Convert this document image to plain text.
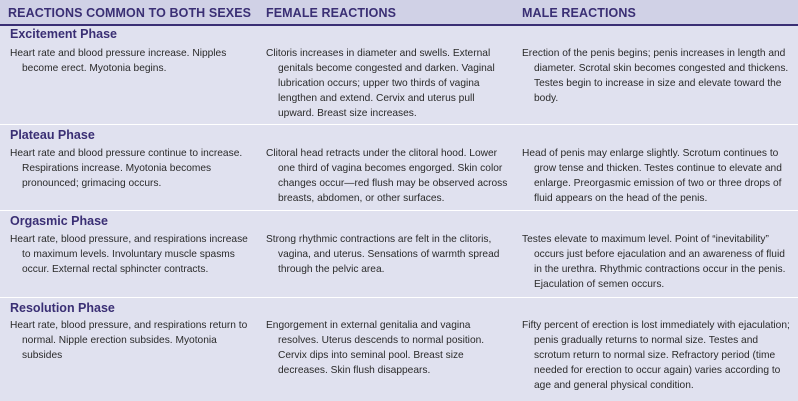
REACTIONS COMMON TO BOTH SEXES FEMALE REACTIONS	MALE REACTIONS
Excitement Phase
Heart rate and blood pressure increase. Nipples become erect. Myotonia begins.
Clitoris increases in diameter and swells. External genitals become congested and darken. Vaginal lubrication occurs; upper two thirds of vagina lengthen and extend. Cervix and uterus pull upward. Breast size increases.
Erection of the penis begins; penis increases in length and diameter. Scrotal skin becomes congested and thickens. Testes begin to increase in size and elevate toward the body.
Plateau Phase
Heart rate and blood pressure continue to increase. Respirations increase. Myotonia becomes pronounced; grimacing occurs.
Clitoral head retracts under the clitoral hood. Lower one third of vagina becomes engorged. Skin color changes occur—red flush may be observed across breasts, abdomen, or other surfaces.
Head of penis may enlarge slightly. Scrotum continues to grow tense and thicken. Testes continue to elevate and enlarge. Preorgasmic emission of two or three drops of fluid appears on the head of the penis.
Orgasmic Phase
Heart rate, blood pressure, and respirations increase to maximum levels. Involuntary muscle spasms occur. External rectal sphincter contracts.
Strong rhythmic contractions are felt in the clitoris, vagina, and uterus. Sensations of warmth spread through the pelvic area.
Testes elevate to maximum level. Point of “inevitability” occurs just before ejaculation and an awareness of fluid in the urethra. Rhythmic contractions occur in the penis. Ejaculation of semen occurs.
Resolution Phase
Heart rate, blood pressure, and respirations return to normal. Nipple erection subsides. Myotonia subsides
Engorgement in external genitalia and vagina resolves. Uterus descends to normal position. Cervix dips into seminal pool. Breast size decreases. Skin flush disappears.
Fifty percent of erection is lost immediately with ejaculation; penis gradually returns to normal size. Testes and scrotum return to normal size. Refractory period (time needed for erection to occur again) varies according to age and general physical condition.
